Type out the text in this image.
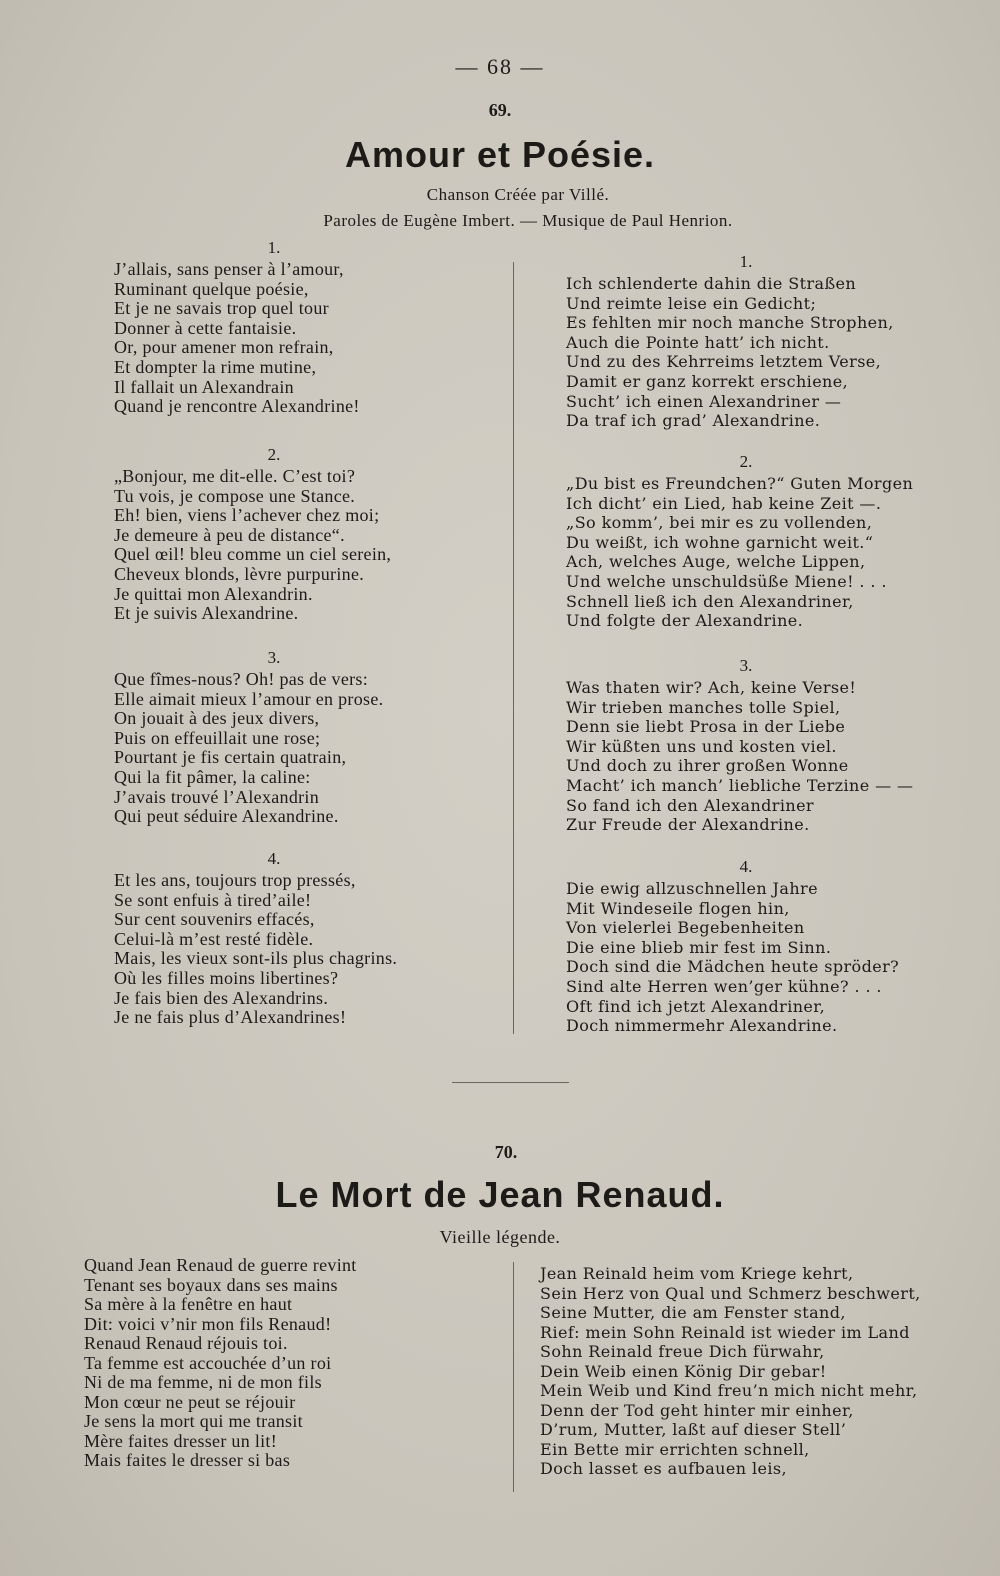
— 68 —
69.
Amour et Poésie.
Chanson Créée par Villé.
Paroles de Eugène Imbert. — Musique de Paul Henrion.
1.
J’allais, sans penser à l’amour,
Ruminant quelque poésie,
Et je ne savais trop quel tour
Donner à cette fantaisie.
Or, pour amener mon refrain,
Et dompter la rime mutine,
Il fallait un Alexandrain
Quand je rencontre Alexandrine!
2.
„Bonjour, me dit-elle. C’est toi?
Tu vois, je compose une Stance.
Eh! bien, viens l’achever chez moi;
Je demeure à peu de distance“.
Quel œil! bleu comme un ciel serein,
Cheveux blonds, lèvre purpurine.
Je quittai mon Alexandrin.
Et je suivis Alexandrine.
3.
Que fîmes-nous? Oh! pas de vers:
Elle aimait mieux l’amour en prose.
On jouait à des jeux divers,
Puis on effeuillait une rose;
Pourtant je fis certain quatrain,
Qui la fit pâmer, la caline:
J’avais trouvé l’Alexandrin
Qui peut séduire Alexandrine.
4.
Et les ans, toujours trop pressés,
Se sont enfuis à tired’aile!
Sur cent souvenirs effacés,
Celui-là m’est resté fidèle.
Mais, les vieux sont-ils plus chagrins.
Où les filles moins libertines?
Je fais bien des Alexandrins.
Je ne fais plus d’Alexandrines!
1.
Ich schlenderte dahin die Straßen
Und reimte leise ein Gedicht;
Es fehlten mir noch manche Strophen,
Auch die Pointe hatt’ ich nicht.
Und zu des Kehrreims letztem Verse,
Damit er ganz korrekt erschiene,
Sucht’ ich einen Alexandriner —
Da traf ich grad’ Alexandrine.
2.
„Du bist es Freundchen?“ Guten Morgen
Ich dicht’ ein Lied, hab keine Zeit —.
„So komm’, bei mir es zu vollenden,
Du weißt, ich wohne garnicht weit.“
Ach, welches Auge, welche Lippen,
Und welche unschuldsüße Miene! . . .
Schnell ließ ich den Alexandriner,
Und folgte der Alexandrine.
3.
Was thaten wir? Ach, keine Verse!
Wir trieben manches tolle Spiel,
Denn sie liebt Prosa in der Liebe
Wir küßten uns und kosten viel.
Und doch zu ihrer großen Wonne
Macht’ ich manch’ liebliche Terzine — —
So fand ich den Alexandriner
Zur Freude der Alexandrine.
4.
Die ewig allzuschnellen Jahre
Mit Windeseile flogen hin,
Von vielerlei Begebenheiten
Die eine blieb mir fest im Sinn.
Doch sind die Mädchen heute spröder?
Sind alte Herren wen’ger kühne? . . .
Oft find ich jetzt Alexandriner,
Doch nimmermehr Alexandrine.
70.
Le Mort de Jean Renaud.
Vieille légende.
Quand Jean Renaud de guerre revint
Tenant ses boyaux dans ses mains
Sa mère à la fenêtre en haut
Dit: voici v’nir mon fils Renaud!
Renaud Renaud réjouis toi.
Ta femme est accouchée d’un roi
Ni de ma femme, ni de mon fils
Mon cœur ne peut se réjouir
Je sens la mort qui me transit
Mère faites dresser un lit!
Mais faites le dresser si bas
Jean Reinald heim vom Kriege kehrt,
Sein Herz von Qual und Schmerz beschwert,
Seine Mutter, die am Fenster stand,
Rief: mein Sohn Reinald ist wieder im Land
Sohn Reinald freue Dich fürwahr,
Dein Weib einen König Dir gebar!
Mein Weib und Kind freu’n mich nicht mehr,
Denn der Tod geht hinter mir einher,
D’rum, Mutter, laßt auf dieser Stell’
Ein Bette mir errichten schnell,
Doch lasset es aufbauen leis,
